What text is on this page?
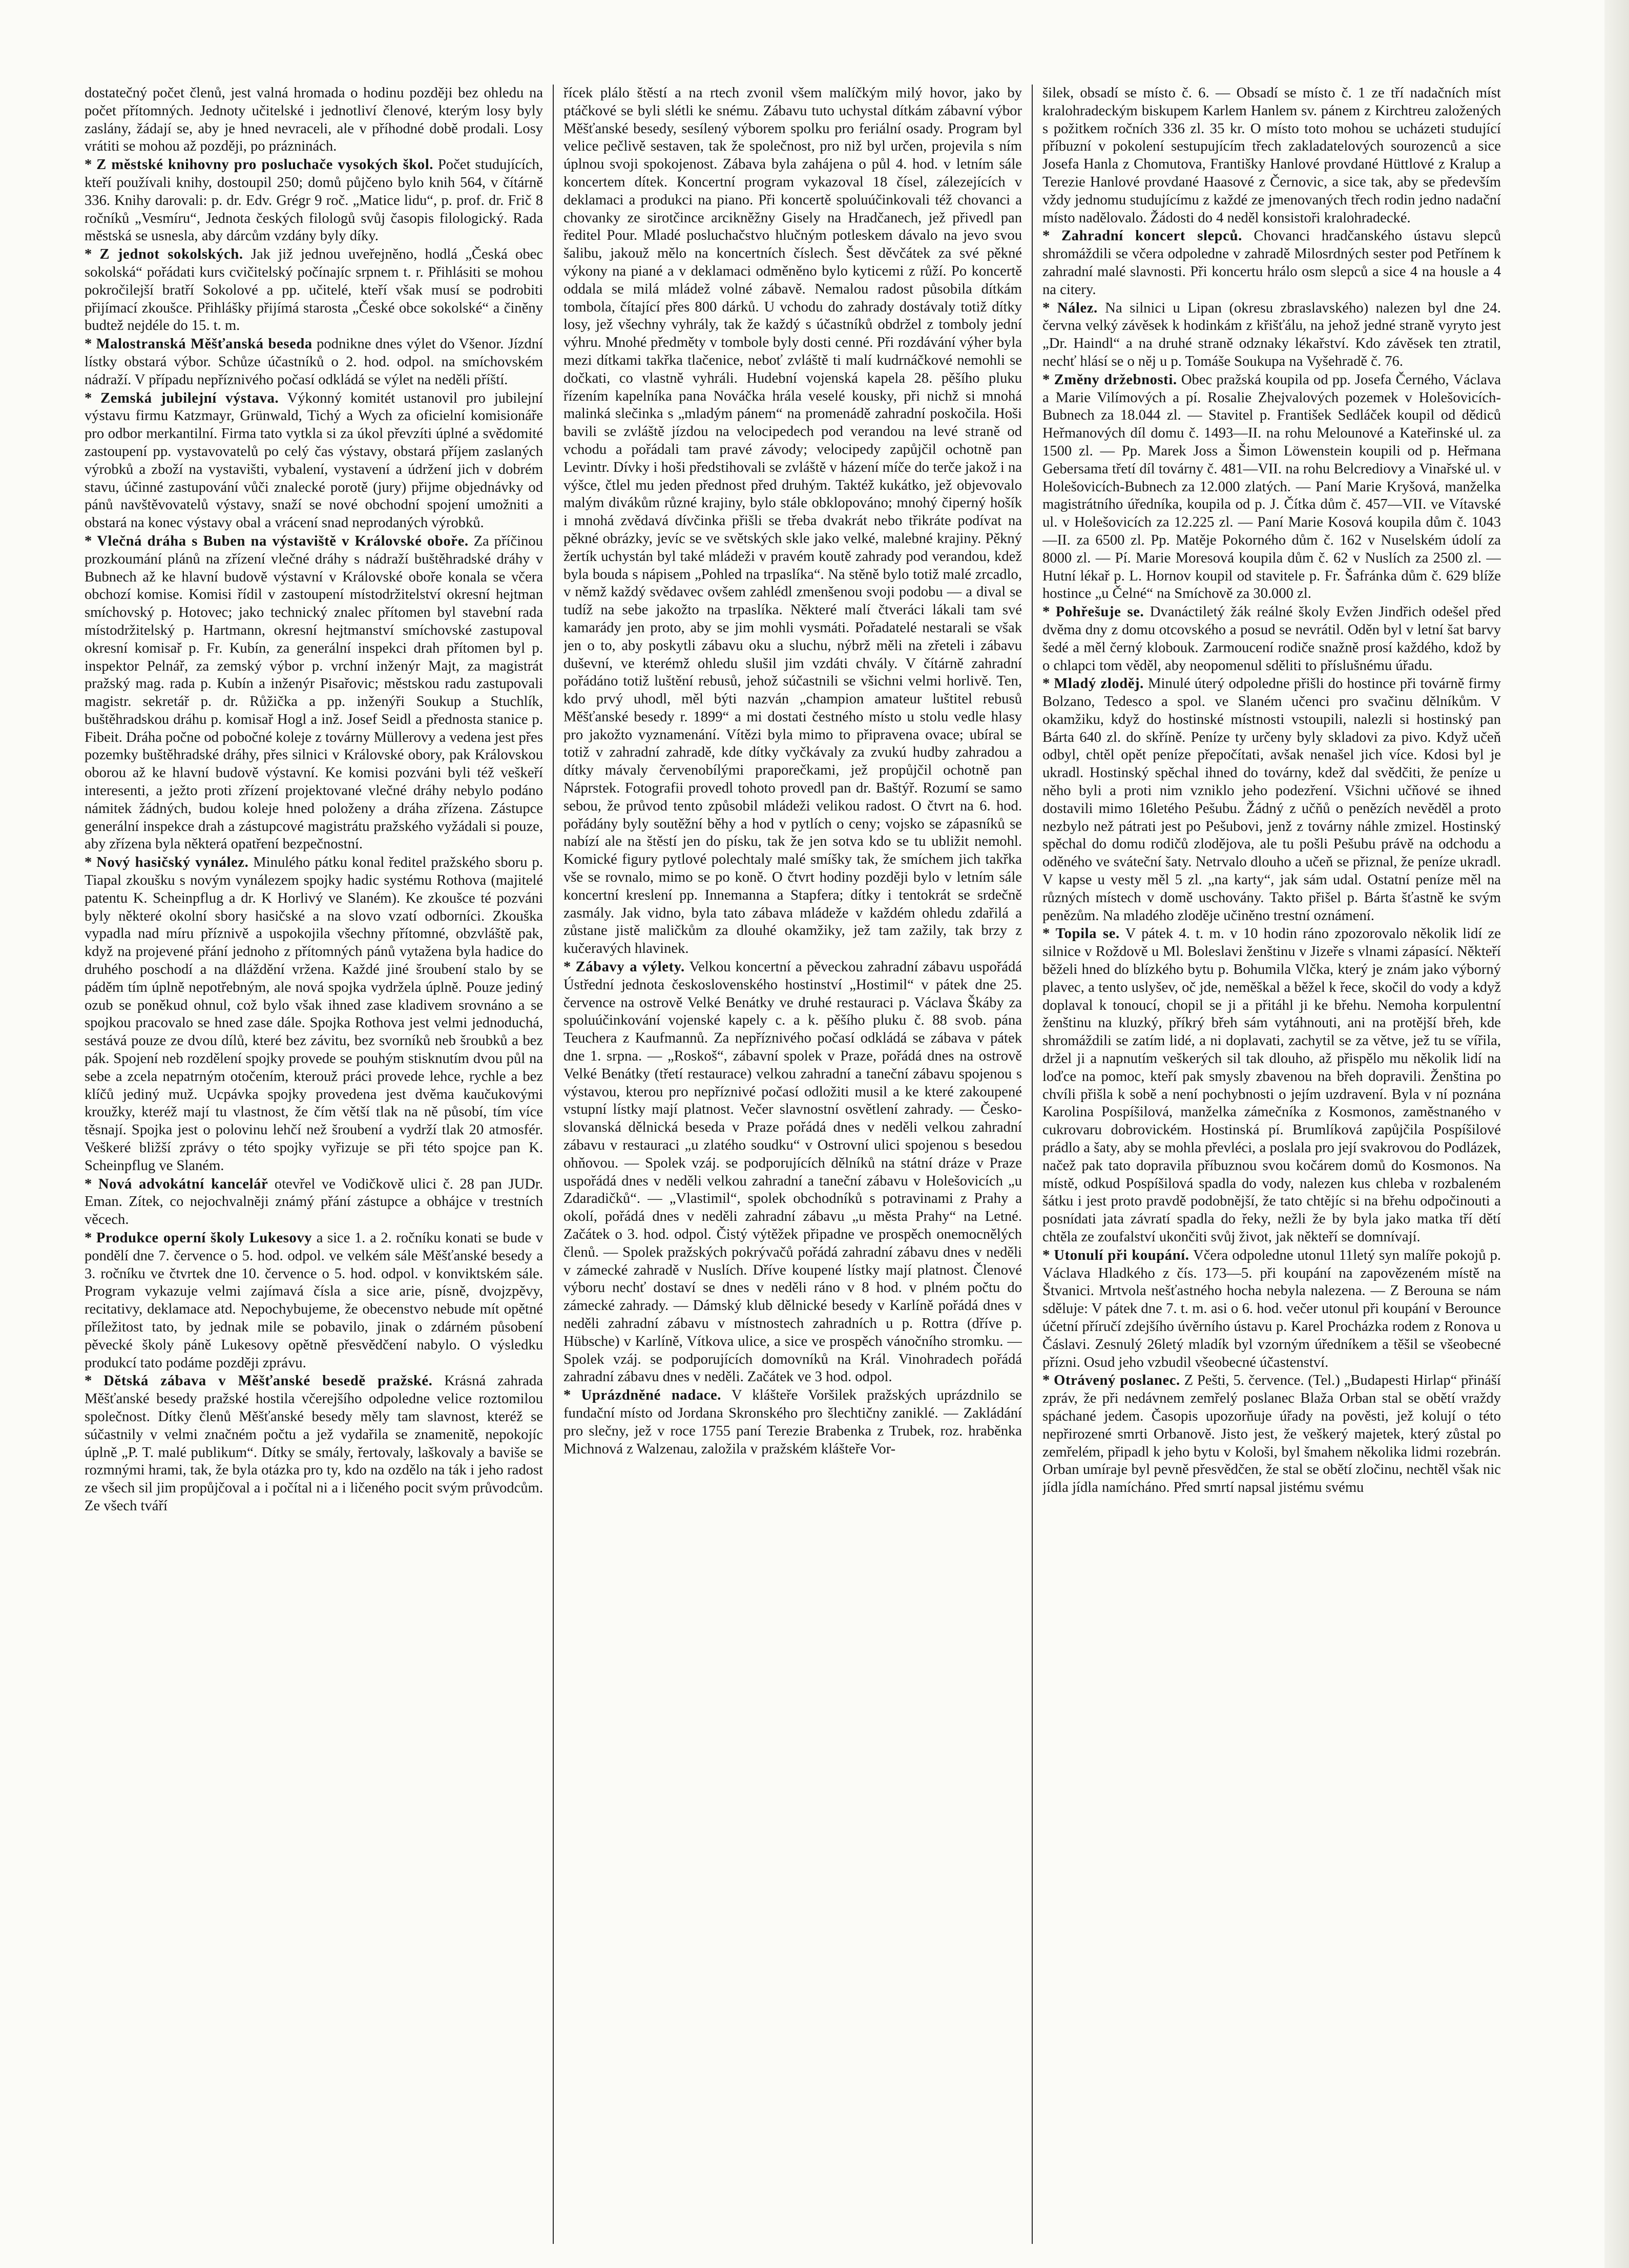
dostatečný počet členů, jest valná hromada o hodinu později bez ohledu na počet přítomných. Jednoty učitelské i jednotliví členové, kterým losy byly zaslány, žádají se, aby je hned nevraceli, ale v příhodné době prodali. Losy vrátiti se mohou až později, po prázninách.

* Z městské knihovny pro posluchače vysokých škol. Počet studujících, kteří používali knihy, dostoupil 250; domů půjčeno bylo knih 564, v čítárně 336. Knihy darovali: p. dr. Edv. Grégr 9 roč. „Matice lidu“, p. prof. dr. Frič 8 ročníků „Vesmíru“, Jednota českých filologů svůj časopis filologický. Rada městská se usnesla, aby dárcům vzdány byly díky.

* Z jednot sokolských. Jak již jednou uveřejněno, hodlá „Česká obec sokolská“ pořádati kurs cvičitelský počínajíc srpnem t. r. Přihlásiti se mohou pokročilejší bratří Sokolové a pp. učitelé, kteří však musí se podrobiti přijímací zkoušce. Přihlášky přijímá starosta „České obce sokolské“ a činěny budtež nejdéle do 15. t. m.

* Malostranská Měšťanská beseda podnikne dnes výlet do Všenor. Jízdní lístky obstará výbor. Schůze účastníků o 2. hod. odpol. na smíchovském nádraží. V případu nepříznivého počasí odkládá se výlet na neděli příští.

* Zemská jubilejní výstava. Výkonný komitét ustanovil pro jubilejní výstavu firmu Katzmayr, Grünwald, Tichý a Wych za oficielní komisionáře pro odbor merkantilní. Firma tato vytkla si za úkol převzíti úplné a svědomité zastoupení pp. vystavovatelů po celý čas výstavy, obstará příjem zaslaných výrobků a zboží na vystavišti, vybalení, vystavení a údržení jich v dobrém stavu, účinné zastupování vůči znalecké porotě (jury) přijme objednávky od pánů navštěvovatelů výstavy, snaží se nové obchodní spojení umožniti a obstará na konec výstavy obal a vrácení snad neprodaných výrobků.

* Vlečná dráha s Buben na výstaviště v Královské oboře. Za příčinou prozkoumání plánů na zřízení vlečné dráhy s nádraží buštěhradské dráhy v Bubnech až ke hlavní budově výstavní v Královské oboře konala se včera obchozí komise. Komisi řídil v zastoupení místodržitelství okresní hejtman smíchovský p. Hotovec; jako technický znalec přítomen byl stavební rada místodržitelský p. Hartmann, okresní hejtmanství smíchovské zastupoval okresní komisař p. Fr. Kubín, za generální inspekci drah přítomen byl p. inspektor Pelnář, za zemský výbor p. vrchní inženýr Majt, za magistrát pražský mag. rada p. Kubín a inženýr Pisařovic; městskou radu zastupovali magistr. sekretář p. dr. Růžička a pp. inženýři Soukup a Stuchlík, buštěhradskou dráhu p. komisař Hogl a inž. Josef Seidl a přednosta stanice p. Fibeit. Dráha počne od pobočné koleje z továrny Müllerovy a vedena jest přes pozemky buštěhradské dráhy, přes silnici v Královské obory, pak Královskou oborou až ke hlavní budově výstavní. Ke komisi pozváni byli též veškeří interesenti, a ježto proti zřízení projektované vlečné dráhy nebylo podáno námitek žádných, budou koleje hned položeny a dráha zřízena. Zástupce generální inspekce drah a zástupcové magistrátu pražského vyžádali si pouze, aby zřízena byla některá opatření bezpečnostní.

* Nový hasičský vynález. Minulého pátku konal ředitel pražského sboru p. Tiapal zkoušku s novým vynálezem spojky hadic systému Rothova (majitelé patentu K. Scheinpflug a dr. K Horlivý ve Slaném). Ke zkoušce té pozváni byly některé okolní sbory hasičské a na slovo vzatí odborníci. Zkouška vypadla nad míru příznivě a uspokojila všechny přítomné, obzvláště pak, když na projevené přání jednoho z přítomných pánů vytažena byla hadice do druhého poschodí a na dláždění vržena. Každé jiné šroubení stalo by se páděm tím úplně nepotřebným, ale nová spojka vydržela úplně. Pouze jediný ozub se poněkud ohnul, což bylo však ihned zase kladivem srovnáno a se spojkou pracovalo se hned zase dále. Spojka Rothova jest velmi jednoduchá, sestává pouze ze dvou dílů, které bez závitu, bez svorníků neb šroubků a bez pák. Spojení neb rozdělení spojky provede se pouhým stisknutím dvou půl na sebe a zcela nepatrným otočením, kterouž práci provede lehce, rychle a bez klíčů jediný muž. Ucpávka spojky provedena jest dvěma kaučukovými kroužky, kteréž mají tu vlastnost, že čím větší tlak na ně působí, tím více těsnají. Spojka jest o polovinu lehčí než šroubení a vydrží tlak 20 atmosfér. Veškeré bližší zprávy o této spojky vyřizuje se při této spojce pan K. Scheinpflug ve Slaném.

* Nová advokátní kancelář otevřel ve Vodičkově ulici č. 28 pan JUDr. Eman. Zítek, co nejochvalněji známý přání zástupce a obhájce v trestních věcech.

* Produkce operní školy Lukesovy a sice 1. a 2. ročníku konati se bude v pondělí dne 7. července o 5. hod. odpol. ve velkém sále Měšťanské besedy a 3. ročníku ve čtvrtek dne 10. července o 5. hod. odpol. v konviktském sále. Program vykazuje velmi zajímavá čísla a sice arie, písně, dvojzpěvy, recitativy, deklamace atd. Nepochybujeme, že obecenstvo nebude mít opětné příležitost tato, by jednak mile se pobavilo, jinak o zdárném působení pěvecké školy páně Lukesovy opětně přesvědčení nabylo. O výsledku produkcí tato podáme později zprávu.

* Dětská zábava v Měšťanské besedě pražské. Krásná zahrada Měšťanské besedy pražské hostila včerejšího odpoledne velice roztomilou společnost. Dítky členů Měšťanské besedy měly tam slavnost, kteréž se súčastnily v velmi značném počtu a jež vydařila se znamenitě, nepokojíc úplně „P. T. malé publikum“. Dítky se smály, řertovaly, laškovaly a baviše se rozmnými hrami, tak, že byla otázka pro ty, kdo na ozdělo na ták i jeho radost ze všech sil jim propůjčoval a i počítal ni a i ličeného pocit svým průvodcům. Ze všech tváří

řícek plálo štěstí a na rtech zvonil všem malíčkým milý hovor, jako by ptáčkové se byli slétli ke snému. Zábavu tuto uchystal dítkám zábavní výbor Měšťanské besedy, sesílený výborem spolku pro feriální osady. Program byl velice pečlivě sestaven, tak že společnost, pro niž byl určen, projevila s ním úplnou svoji spokojenost. Zábava byla zahájena o půl 4. hod. v letním sále koncertem dítek. Koncertní program vykazoval 18 čísel, zálezejících v deklamaci a produkci na piano. Při koncertě spoluúčinkovali též chovanci a chovanky ze sirotčince arcikněžny Gisely na Hradčanech, jež přivedl pan ředitel Pour. Mladé posluchačstvo hlučným potleskem dávalo na jevo svou šalibu, jakouž mělo na koncertních číslech. Šest děvčátek za své pěkné výkony na piané a v deklamaci odměněno bylo kyticemi z růží. Po koncertě oddala se milá mládež volné zábavě. Nemalou radost působila dítkám tombola, čítající přes 800 dárků. U vchodu do zahrady dostávaly totiž dítky losy, jež všechny vyhrály, tak že každý s účastníků obdržel z tomboly jední výhru. Mnohé předměty v tombole byly dosti cenné. Při rozdávání výher byla mezi dítkami takřka tlačenice, neboť zvláště ti malí kudrnáčkové nemohli se dočkati, co vlastně vyhráli. Hudební vojenská kapela 28. pěšího pluku řízením kapelníka pana Nováčka hrála veselé kousky, při nichž si mnohá malinká slečinka s „mladým pánem“ na promenádě zahradní poskočila. Hoši bavili se zvláště jízdou na velocipedech pod verandou na levé straně od vchodu a pořádali tam pravé závody; velocipedy zapůjčil ochotně pan Levintr. Dívky i hoši předstihovali se zvláště v házení míče do terče jakož i na výšce, čtlel mu jeden přednost před druhým. Taktéž kukátko, jež objevovalo malým divákům různé krajiny, bylo stále obklopováno; mnohý čiperný hošík i mnohá zvědavá dívčinka přišli se třeba dvakrát nebo třikráte podívat na pěkné obrázky, jevíc se ve světských skle jako velké, malebné krajiny. Pěkný žertík uchystán byl také mládeži v pravém koutě zahrady pod verandou, kdež byla bouda s nápisem „Pohled na trpaslíka“. Na stěně bylo totiž malé zrcadlo, v němž každý svědavec ovšem zahlédl zmenšenou svoji podobu — a dival se tudíž na sebe jakožto na trpaslíka. Některé malí čtveráci lákali tam své kamarády jen proto, aby se jim mohli vysmáti. Pořadatelé nestarali se však jen o to, aby poskytli zábavu oku a sluchu, nýbrž měli na zřeteli i zábavu duševní, ve kterémž ohledu slušil jim vzdáti chvály. V čítárně zahradní pořádáno totiž luštění rebusů, jehož súčastnili se všichni velmi horlivě. Ten, kdo prvý uhodl, měl býti nazván „champion amateur luštitel rebusů Měšťanské besedy r. 1899“ a mi dostati čestného místo u stolu vedle hlasy pro jakožto vyznamenání. Vítězi byla mimo to připravena ovace; ubíral se totiž v zahradní zahradě, kde dítky vyčkávaly za zvukú hudby zahradou a dítky mávaly červenobílými praporečkami, jež propůjčil ochotně pan Náprstek. Fotografii provedl tohoto provedl pan dr. Baštýř. Rozumí se samo sebou, že průvod tento způsobil mládeži velikou radost. O čtvrt na 6. hod. pořádány byly soutěžní běhy a hod v pytlích o ceny; vojsko se zápasníků se nabízí ale na štěstí jen do písku, tak že jen sotva kdo se tu ubližit nemohl. Komické figury pytlové polechtaly malé smíšky tak, že smíchem jich takřka vše se rovnalo, mimo se po koně. O čtvrt hodiny později bylo v letním sále koncertní kreslení pp. Innemanna a Stapfera; dítky i tentokrát se srdečně zasmály. Jak vidno, byla tato zábava mládeže v každém ohledu zdařilá a zůstane jistě maličkům za dlouhé okamžiky, jež tam zažily, tak brzy z kučeravých hlavinek.

* Zábavy a výlety. Velkou koncertní a pěveckou zahradní zábavu uspořádá Ústřední jednota československého hostinství „Hostimil“ v pátek dne 25. července na ostrově Velké Benátky ve druhé restauraci p. Václava Škáby za spoluúčinkování vojenské kapely c. a k. pěšího pluku č. 88 svob. pána Teuchera z Kaufmannů. Za nepříznivého počasí odkládá se zábava v pátek dne 1. srpna. — „Roskoš“, zábavní spolek v Praze, pořádá dnes na ostrově Velké Benátky (třetí restaurace) velkou zahradní a taneční zábavu spojenou s výstavou, kterou pro nepříznivé počasí odložiti musil a ke které zakoupené vstupní lístky mají platnost. Večer slavnostní osvětlení zahrady. — Česko-slovanská dělnická beseda v Praze pořádá dnes v neděli velkou zahradní zábavu v restauraci „u zlatého soudku“ v Ostrovní ulici spojenou s besedou ohňovou. — Spolek vzáj. se podporujících dělníků na státní dráze v Praze uspořádá dnes v neděli velkou zahradní a taneční zábavu v Holešovicích „u Zdaradičků“. — „Vlastimil“, spolek obchodníků s potravinami z Prahy a okolí, pořádá dnes v neděli zahradní zábavu „u města Prahy“ na Letné. Začátek o 3. hod. odpol. Čistý výtěžek připadne ve prospěch onemocnělých členů. — Spolek pražských pokrývačů pořádá zahradní zábavu dnes v neděli v zámecké zahradě v Nuslích. Dříve koupené lístky mají platnost. Členové výboru nechť dostaví se dnes v neděli ráno v 8 hod. v plném počtu do zámecké zahrady. — Dámský klub dělnické besedy v Karlíně pořádá dnes v neděli zahradní zábavu v místnostech zahradních u p. Rottra (dříve p. Hübsche) v Karlíně, Vítkova ulice, a sice ve prospěch vánočního stromku. — Spolek vzáj. se podporujících domovníků na Král. Vinohradech pořádá zahradní zábavu dnes v neděli. Začátek ve 3 hod. odpol.

* Uprázdněné nadace. V klášteře Voršilek pražských uprázdnilo se fundační místo od Jordana Skronského pro šlechtičny zaniklé. — Zakládání pro slečny, jež v roce 1755 paní Terezie Brabenka z Trubek, roz. hraběnka Michnová z Walzenau, založila v pražském klášteře Vor-

šilek, obsadí se místo č. 6. — Obsadí se místo č. 1 ze tří nadačních míst kralohradeckým biskupem Karlem Hanlem sv. pánem z Kirchtreu založených s požitkem ročních 336 zl. 35 kr. O místo toto mohou se ucházeti studující příbuzní v pokolení sestupujícím třech zakladatelových sourozenců a sice Josefa Hanla z Chomutova, Františky Hanlové provdané Hüttlové z Kralup a Terezie Hanlové provdané Haasové z Černovic, a sice tak, aby se především vždy jednomu studujícímu z každé ze jmenovaných třech rodin jedno nadační místo nadělovalo. Žádosti do 4 neděl konsistoři kralohradecké.

* Zahradní koncert slepců. Chovanci hradčanského ústavu slepců shromáždili se včera odpoledne v zahradě Milosrdných sester pod Petřínem k zahradní malé slavnosti. Při koncertu hrálo osm slepců a sice 4 na housle a 4 na citery.

* Nález. Na silnici u Lipan (okresu zbraslavského) nalezen byl dne 24. června velký závěsek k hodinkám z křišťálu, na jehož jedné straně vyryto jest „Dr. Haindl“ a na druhé straně odznaky lékařství. Kdo závěsek ten ztratil, nechť hlásí se o něj u p. Tomáše Soukupa na Vyšehradě č. 76.

* Změny držebnosti. Obec pražská koupila od pp. Josefa Černého, Václava a Marie Vilímových a pí. Rosalie Zhejvalových pozemek v Holešovicích-Bubnech za 18.044 zl. — Stavitel p. František Sedláček koupil od dědiců Heřmanových díl domu č. 1493—II. na rohu Melounové a Kateřinské ul. za 1500 zl. — Pp. Marek Joss a Šimon Löwenstein koupili od p. Heřmana Gebersama třetí díl továrny č. 481—VII. na rohu Belcrediovy a Vinařské ul. v Holešovicích-Bubnech za 12.000 zlatých. — Paní Marie Kryšová, manželka magistrátního úředníka, koupila od p. J. Čítka dům č. 457—VII. ve Vítavské ul. v Holešovicích za 12.225 zl. — Paní Marie Kosová koupila dům č. 1043—II. za 6500 zl. Pp. Matěje Pokorného dům č. 162 v Nuselském údolí za 8000 zl. — Pí. Marie Moresová koupila dům č. 62 v Nuslích za 2500 zl. — Hutní lékař p. L. Hornov koupil od stavitele p. Fr. Šafránka dům č. 629 blíže hostince „u Čelné“ na Smíchově za 30.000 zl.

* Pohřešuje se. Dvanáctiletý žák reálné školy Evžen Jindřich odešel před dvěma dny z domu otcovského a posud se nevrátil. Oděn byl v letní šat barvy šedé a měl černý klobouk. Zarmoucení rodiče snažně prosí každého, kdož by o chlapci tom věděl, aby neopomenul sděliti to příslušnému úřadu.

* Mladý zloděj. Minulé úterý odpoledne přišli do hostince při továrně firmy Bolzano, Tedesco a spol. ve Slaném učenci pro svačinu dělníkům. V okamžiku, když do hostinské místnosti vstoupili, nalezli si hostinský pan Bárta 640 zl. do skříně. Peníze ty určeny byly skladovi za pivo. Když učeň odbyl, chtěl opět peníze přepočítati, avšak nenašel jich více. Kdosi byl je ukradl. Hostinský spěchal ihned do továrny, kdež dal svědčiti, že peníze u něho byli a proti nim vzniklo jeho podezření. Všichni učňové se ihned dostavili mimo 16letého Pešubu. Žádný z učňů o penězích nevěděl a proto nezbylo než pátrati jest po Pešubovi, jenž z továrny náhle zmizel. Hostinský spěchal do domu rodičů zlodějova, ale tu pošli Pešubu právě na odchodu a oděného ve sváteční šaty. Netrvalo dlouho a učeň se přiznal, že peníze ukradl. V kapse u vesty měl 5 zl. „na karty“, jak sám udal. Ostatní peníze měl na různých místech v domě uschovány. Takto přišel p. Bárta šťastně ke svým penězům. Na mladého zloděje učiněno trestní oznámení.

* Topila se. V pátek 4. t. m. v 10 hodin ráno zpozorovalo několik lidí ze silnice v Roždově u Ml. Boleslavi ženštinu v Jizeře s vlnami zápasící. Někteří běželi hned do blízkého bytu p. Bohumila Vlčka, který je znám jako výborný plavec, a tento uslyšev, oč jde, neměškal a běžel k řece, skočil do vody a když doplaval k tonoucí, chopil se ji a přitáhl ji ke břehu. Nemoha korpulentní ženštinu na kluzký, příkrý břeh sám vytáhnouti, ani na protější břeh, kde shromáždili se zatím lidé, a ni doplavati, zachytil se za větve, jež tu se vířila, držel ji a napnutím veškerých sil tak dlouho, až přispělo mu několik lidí na loďce na pomoc, kteří pak smysly zbavenou na břeh dopravili. Ženština po chvíli přišla k sobě a není pochybnosti o jejím uzdravení. Byla v ní poznána Karolina Pospíšilová, manželka zámečníka z Kosmonos, zaměstnaného v cukrovaru dobrovickém. Hostinská pí. Brumlíková zapůjčila Pospíšilové prádlo a šaty, aby se mohla převléci, a poslala pro její svakrovou do Podlázek, načež pak tato dopravila příbuznou svou kočárem domů do Kosmonos. Na místě, odkud Pospíšilová spadla do vody, nalezen kus chleba v rozbaleném šátku i jest proto pravdě podobnější, že tato chtějíc si na břehu odpočinouti a posnídati jata závratí spadla do řeky, nežli že by byla jako matka tří dětí chtěla ze zoufalství ukončiti svůj život, jak někteří se domnívají.

* Utonulí při koupání. Včera odpoledne utonul 11letý syn malíře pokojů p. Václava Hladkého z čís. 173—5. při koupání na zapovězeném místě na Štvanici. Mrtvola nešťastného hocha nebyla nalezena. — Z Berouna se nám sděluje: V pátek dne 7. t. m. asi o 6. hod. večer utonul při koupání v Berounce účetní příručí zdejšího úvěrního ústavu p. Karel Procházka rodem z Ronova u Čáslavi. Zesnulý 26letý mladík byl vzorným úředníkem a těšil se všeobecné přízni. Osud jeho vzbudil všeobecné účastenství.

* Otrávený poslanec. Z Pešti, 5. července. (Tel.) „Budapesti Hirlap“ přináší zpráv, že při nedávnem zemřelý poslanec Blaža Orban stal se obětí vraždy spáchané jedem. Časopis upozorňuje úřady na pověsti, jež kolují o této nepřirozené smrti Orbanově. Jisto jest, že veškerý majetek, který zůstal po zemřelém, připadl k jeho bytu v Kološi, byl šmahem několika lidmi rozebrán. Orban umíraje byl pevně přesvědčen, že stal se obětí zločinu, nechtěl však nic jídla jídla namícháno. Před smrtí napsal jistému svému
